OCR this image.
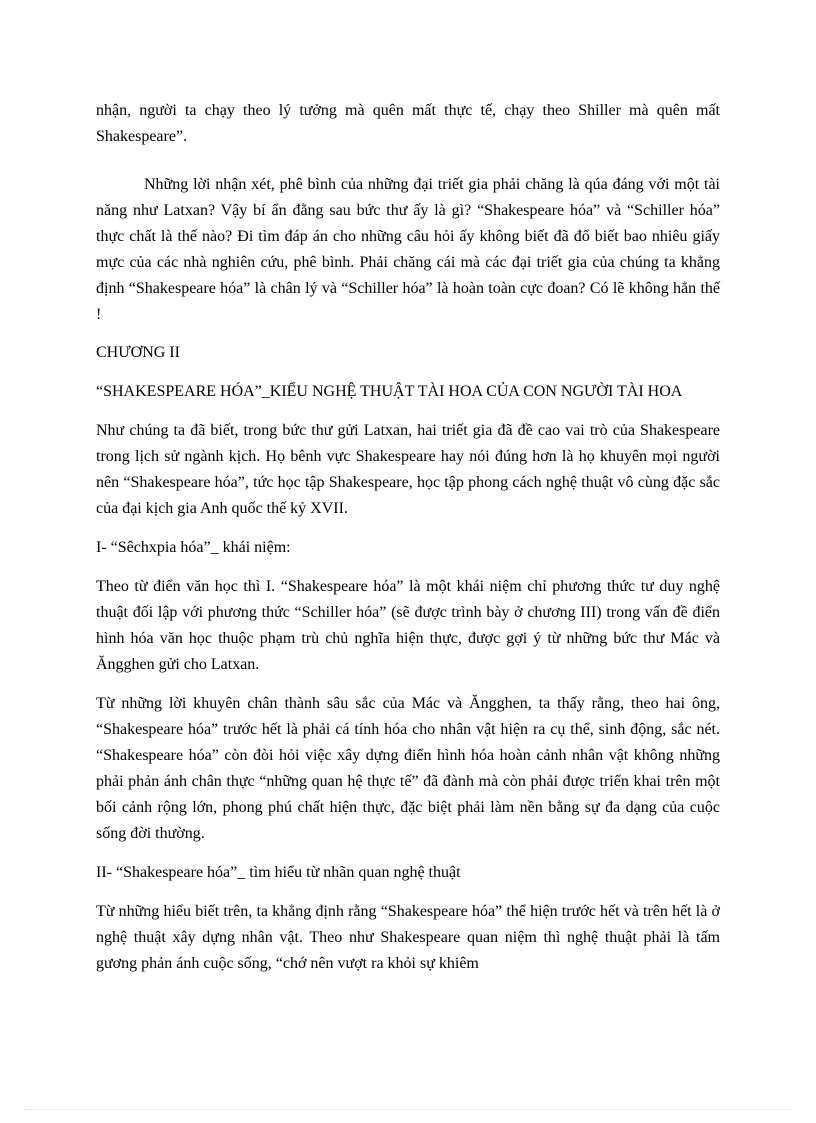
nhận, người ta chạy theo lý tưởng mà quên mất thực tế, chạy theo Shiller mà quên mất Shakespeare”.

Những lời nhận xét, phê bình của những đại triết gia phải chăng là qúa đáng với một tài năng như Latxan? Vậy bí ẩn đằng sau bức thư ấy là gì? “Shakespeare hóa” và “Schiller hóa” thực chất là thế nào? Đi tìm đáp án cho những câu hỏi ấy không biết đã đổ biết bao nhiêu giấy mực của các nhà nghiên cứu, phê bình. Phải chăng cái mà các đại triết gia của chúng ta khẳng định “Shakespeare hóa” là chân lý và “Schiller hóa” là hoàn toàn cực đoan? Có lẽ không hẳn thế !

CHƯƠNG II

“SHAKESPEARE HÓA”_KIỂU NGHỆ THUẬT TÀI HOA CỦA CON NGƯỜI TÀI HOA

Như chúng ta đã biết, trong bức thư gửi Latxan, hai triết gia đã đề cao vai trò của Shakespeare trong lịch sử ngành kịch. Họ bênh vực Shakespeare hay nói đúng hơn là họ khuyên mọi người nên “Shakespeare hóa”, tức học tập Shakespeare, học tập phong cách nghệ thuật vô cùng đặc sắc của đại kịch gia Anh quốc thế kỷ XVII.

I- “Sêchxpia hóa”_ khái niệm:

Theo từ điển văn học thì I. “Shakespeare hóa” là một khái niệm chỉ phương thức tư duy nghệ thuật đối lập với phương thức “Schiller hóa” (sẽ được trình bày ở chương III) trong vấn đề điển hình hóa văn học thuộc phạm trù chủ nghĩa hiện thực, được gợi ý từ những bức thư Mác và Ăngghen gửi cho Latxan.

Từ những lời khuyên chân thành sâu sắc của Mác và Ăngghen, ta thấy rằng, theo hai ông, “Shakespeare hóa” trước hết là phải cá tính hóa cho nhân vật hiện ra cụ thể, sinh động, sắc nét. “Shakespeare hóa” còn đòi hỏi việc xây dựng điển hình hóa hoàn cảnh nhân vật không những phải phản ánh chân thực “những quan hệ thực tế” đã đành mà còn phải được triển khai trên một bối cảnh rộng lớn, phong phú chất hiện thực, đặc biệt phải làm nền bằng sự đa dạng của cuộc sống đời thường.

II- “Shakespeare hóa”_ tìm hiểu từ nhãn quan nghệ thuật

Từ những hiểu biết trên, ta khẳng định rằng “Shakespeare hóa” thể hiện trước hết và trên hết là ở nghệ thuật xây dựng nhân vật. Theo như Shakespeare quan niệm thì nghệ thuật phải là tấm gương phản ánh cuộc sống, “chớ nên vượt ra khỏi sự khiêm
